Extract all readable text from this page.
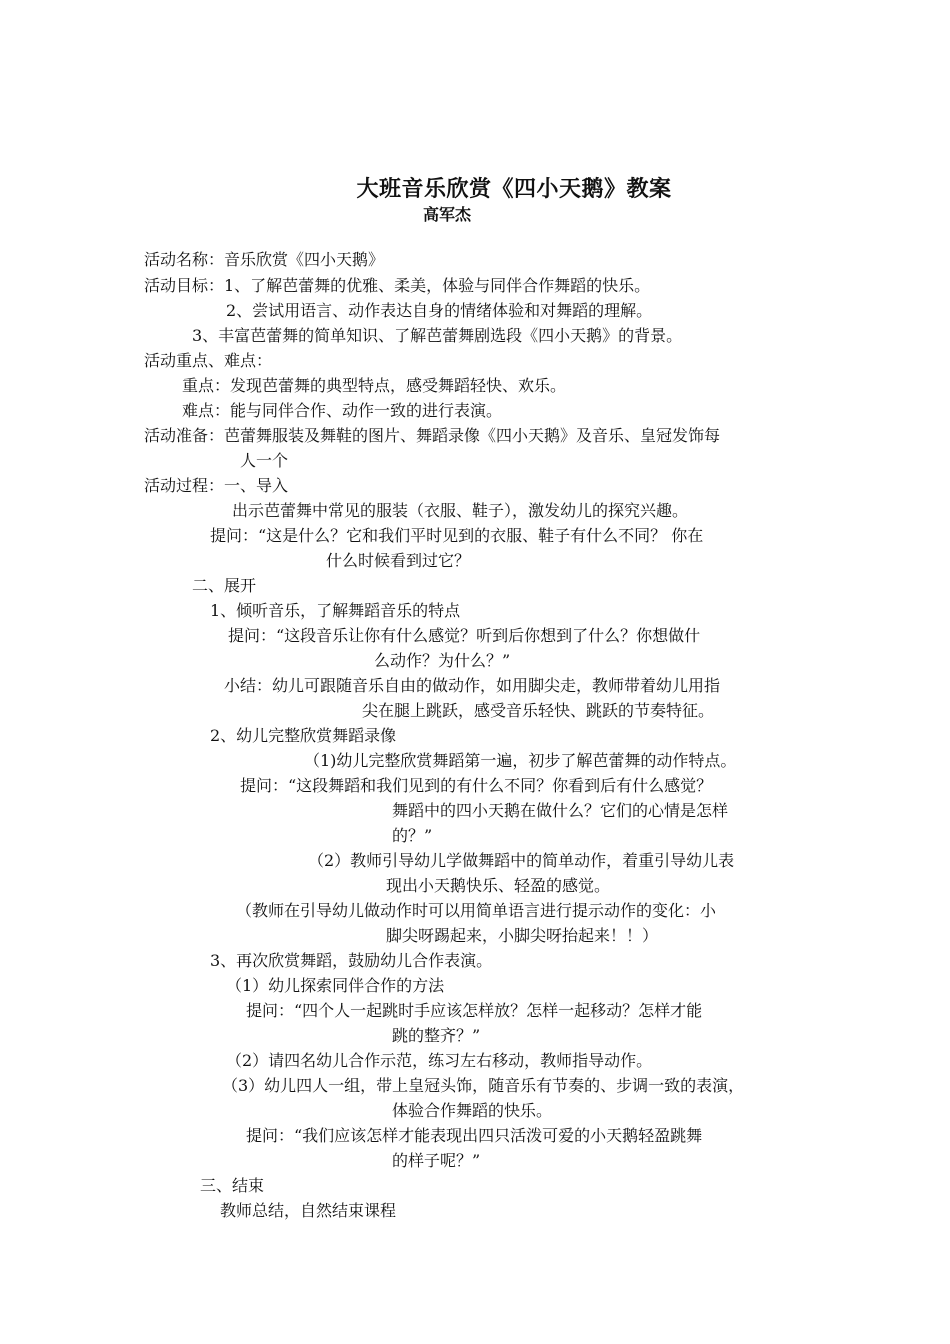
大班音乐欣赏《四小天鹅》教案
高军杰
活动名称：音乐欣赏《四小天鹅》
活动目标：1、了解芭蕾舞的优雅、柔美，体验与同伴合作舞蹈的快乐。
2、尝试用语言、动作表达自身的情绪体验和对舞蹈的理解。
3、丰富芭蕾舞的简单知识、了解芭蕾舞剧选段《四小天鹅》的背景。
活动重点、难点：
重点：发现芭蕾舞的典型特点，感受舞蹈轻快、欢乐。
难点：能与同伴合作、动作一致的进行表演。
活动准备：芭蕾舞服装及舞鞋的图片、舞蹈录像《四小天鹅》及音乐、皇冠发饰每
人一个
活动过程：一、导入
出示芭蕾舞中常见的服装（衣服、鞋子），激发幼儿的探究兴趣。
提问：“这是什么？它和我们平时见到的衣服、鞋子有什么不同？ 你在
什么时候看到过它？
二、展开
1、倾听音乐，了解舞蹈音乐的特点
提问：“这段音乐让你有什么感觉？听到后你想到了什么？你想做什
么动作？为什么？”
小结：幼儿可跟随音乐自由的做动作，如用脚尖走，教师带着幼儿用指
尖在腿上跳跃，感受音乐轻快、跳跃的节奏特征。
2、幼儿完整欣赏舞蹈录像
（1)幼儿完整欣赏舞蹈第一遍，初步了解芭蕾舞的动作特点。
提问：“这段舞蹈和我们见到的有什么不同？你看到后有什么感觉？
舞蹈中的四小天鹅在做什么？它们的心情是怎样
的？”
（2）教师引导幼儿学做舞蹈中的简单动作，着重引导幼儿表
现出小天鹅快乐、轻盈的感觉。
（教师在引导幼儿做动作时可以用简单语言进行提示动作的变化：小
脚尖呀踢起来，小脚尖呀抬起来！！）
3、再次欣赏舞蹈，鼓励幼儿合作表演。
（1）幼儿探索同伴合作的方法
提问：“四个人一起跳时手应该怎样放？怎样一起移动？怎样才能
跳的整齐？”
（2）请四名幼儿合作示范，练习左右移动，教师指导动作。
（3）幼儿四人一组，带上皇冠头饰，随音乐有节奏的、步调一致的表演，
体验合作舞蹈的快乐。
提问：“我们应该怎样才能表现出四只活泼可爱的小天鹅轻盈跳舞
的样子呢？”
三、结束
教师总结，自然结束课程
